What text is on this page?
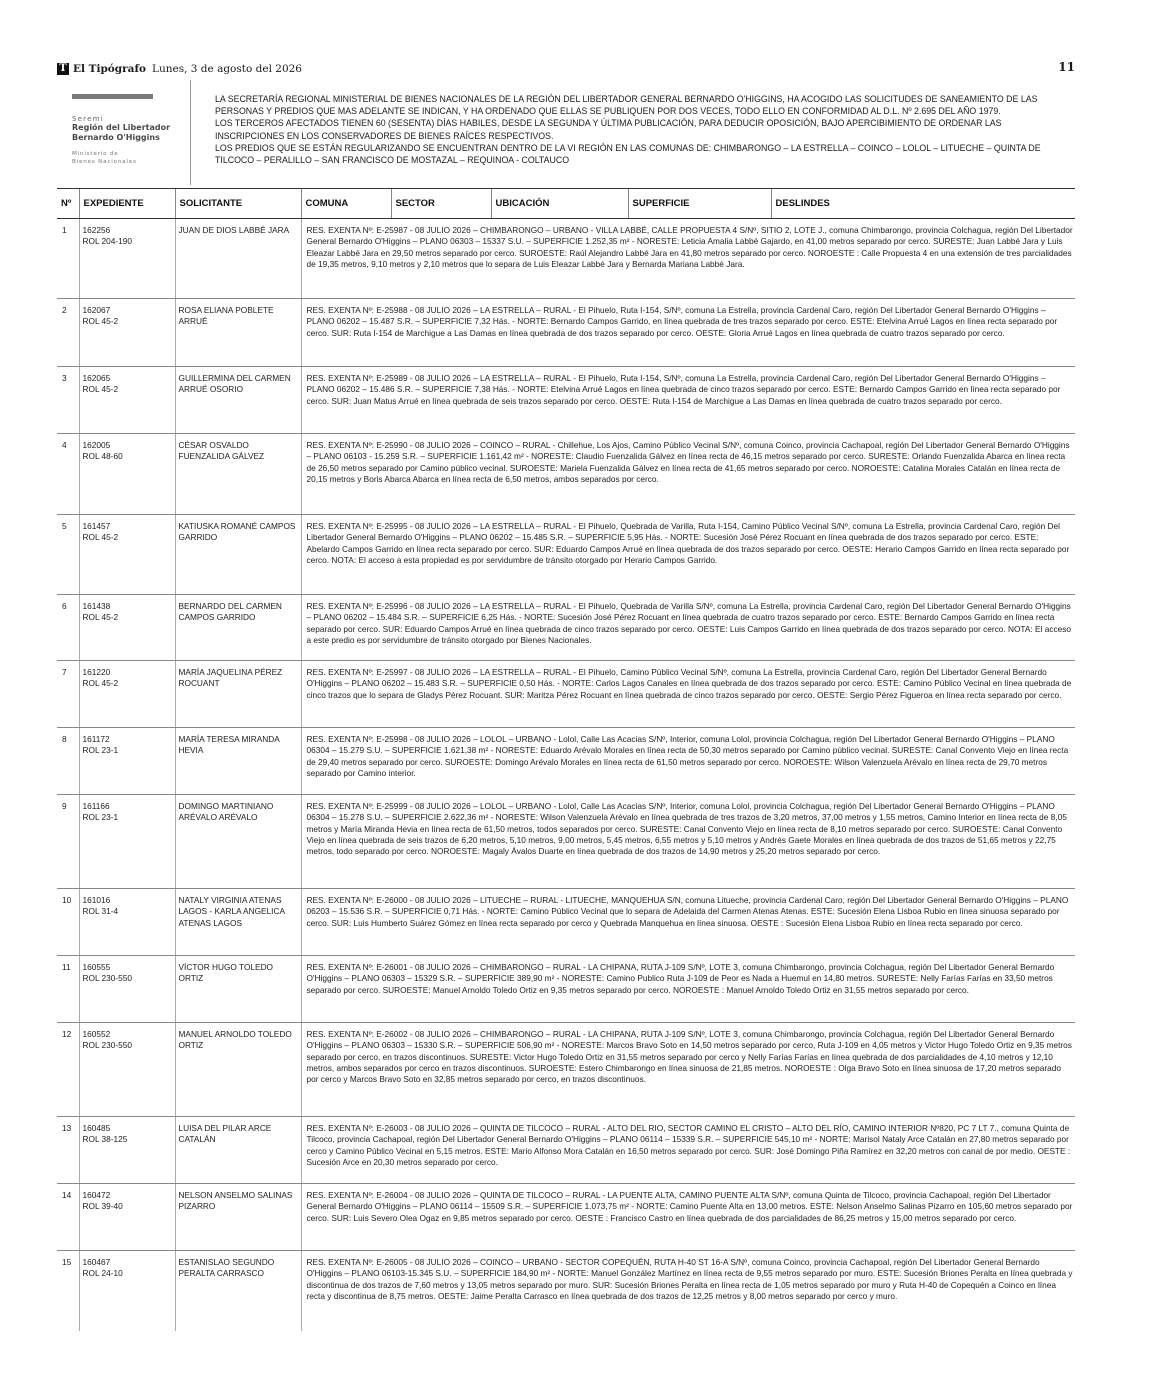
T El Tipógrafo Lunes, 3 de agosto del 2026	11
Seremi
Región del Libertador
Bernardo O'Higgins
Ministerio de
Bienes Nacionales

LA SECRETARÍA REGIONAL MINISTERIAL DE BIENES NACIONALES DE LA REGIÓN DEL LIBERTADOR GENERAL BERNARDO O'HIGGINS, HA ACOGIDO LAS SOLICITUDES DE SANEAMIENTO DE LAS PERSONAS Y PREDIOS QUE MAS ADELANTE SE INDICAN, Y HA ORDENADO QUE ELLAS SE PUBLIQUEN POR DOS VECES, TODO ELLO EN CONFORMIDAD AL D.L. Nº 2.695 DEL AÑO 1979.

LOS TERCEROS AFECTADOS TIENEN 60 (SESENTA) DÍAS HABILES, DESDE LA SEGUNDA Y ÚLTIMA PUBLICACIÓN, PARA DEDUCIR OPOSICIÓN, BAJO APERCIBIMIENTO DE ORDENAR LAS INSCRIPCIONES EN LOS CONSERVADORES DE BIENES RAÍCES RESPECTIVOS.

LOS PREDIOS QUE SE ESTÁN REGULARIZANDO SE ENCUENTRAN DENTRO DE LA VI REGIÓN EN LAS COMUNAS DE: CHIMBARONGO – LA ESTRELLA – COINCO – LOLOL – LITUECHE – QUINTA DE TILCOCO – PERALILLO – SAN FRANCISCO DE MOSTAZAL – REQUINOA - COLTAUCO

Nº	EXPEDIENTE	SOLICITANTE	COMUNA	SECTOR	UBICACIÓN	SUPERFICIE	DESLINDES
1	162256
ROL 204-190	JUAN DE DIOS LABBÉ JARA	RES. EXENTA Nº: E-25987 - 08 JULIO 2026 – CHIMBARONGO – URBANO - VILLA LABBÉ, CALLE PROPUESTA 4 S/Nº, SITIO 2, LOTE J., comuna Chimbarongo, provincia Colchagua, región Del Libertador General Bernardo O'Higgins – PLANO 06303 – 15337 S.U. – SUPERFICIE 1.252,35 m² - NORESTE: Leticia Amalia Labbé Gajardo, en 41,00 metros separado por cerco. SURESTE: Juan Labbé Jara y Luis Eleazar Labbé Jara en 29,50 metros separado por cerco. SUROESTE: Raúl Alejandro Labbé Jara en 41,80 metros separado por cerco. NOROESTE : Calle Propuesta 4 en una extensión de tres parcialidades de 19,35 metros, 9,10 metros y 2,10 metros que lo separa de Luis Eleazar Labbé Jara y Bernarda Mariana Labbé Jara.				
2	162067
ROL 45-2	ROSA ELIANA POBLETE ARRUÉ	RES. EXENTA Nº: E-25988 - 08 JULIO 2026 – LA ESTRELLA – RURAL - El Pihuelo, Ruta I-154, S/Nº, comuna La Estrella, provincia Cardenal Caro, región Del Libertador General Bernardo O'Higgins – PLANO 06202 – 15.487 S.R. – SUPERFICIE 7,32 Hás. - NORTE: Bernardo Campos Garrido, en línea quebrada de tres trazos separado por cerco. ESTE: Etelvina Arrué Lagos en línea recta separado por cerco. SUR: Ruta I-154 de Marchigue a Las Damas en línea quebrada de dos trazos separado por cerco. OESTE: Gloria Arrué Lagos en línea quebrada de cuatro trazos separado por cerco.				
3	162065
ROL 45-2	GUILLERMINA DEL CARMEN ARRUÉ OSORIO	RES. EXENTA Nº: E-25989 - 08 JULIO 2026 – LA ESTRELLA – RURAL - El Pihuelo, Ruta I-154, S/Nº, comuna La Estrella, provincia Cardenal Caro, región Del Libertador General Bernardo O'Higgins – PLANO 06202 – 15.486 S.R. – SUPERFICIE 7,38 Hás. - NORTE: Etelvina Arrué Lagos en línea quebrada de cinco trazos separado por cerco. ESTE: Bernardo Campos Garrido en línea recta separado por cerco. SUR: Juan Matus Arrué en línea quebrada de seis trazos separado por cerco. OESTE: Ruta I-154 de Marchigue a Las Damas en línea quebrada de cuatro trazos separado por cerco.				
4	162005
ROL 48-60	CÉSAR OSVALDO FUENZALIDA GÁLVEZ	RES. EXENTA Nº: E-25990 - 08 JULIO 2026 – COINCO – RURAL - Chillehue, Los Ajos, Camino Público Vecinal S/Nº, comuna Coinco, provincia Cachapoal, región Del Libertador General Bernardo O'Higgins – PLANO 06103 - 15.259 S.R. – SUPERFICIE 1.161,42 m² - NORESTE: Claudio Fuenzalida Gálvez en línea recta de 46,15 metros separado por cerco. SURESTE: Orlando Fuenzalida Abarca en línea recta de 26,50 metros separado por Camino público vecinal. SUROESTE: Mariela Fuenzalida Gálvez en línea recta de 41,65 metros separado por cerco. NOROESTE: Catalina Morales Catalán en línea recta de 20,15 metros y Boris Abarca Abarca en línea recta de 6,50 metros, ambos separados por cerco.				
5	161457
ROL 45-2	KATIUSKA ROMANÉ CAMPOS GARRIDO	RES. EXENTA Nº: E-25995 - 08 JULIO 2026 – LA ESTRELLA – RURAL - El Pihuelo, Quebrada de Varilla, Ruta I-154, Camino Público Vecinal S/Nº, comuna La Estrella, provincia Cardenal Caro, región Del Libertador General Bernardo O'Higgins – PLANO 06202 – 15.485 S.R. – SUPERFICIE 5,95 Hás. - NORTE: Sucesión José Pérez Rocuant en línea quebrada de dos trazos separado por cerco. ESTE: Abelardo Campos Garrido en línea recta separado por cerco. SUR: Eduardo Campos Arrué en línea quebrada de dos trazos separado por cerco. OESTE: Herario Campos Garrido en línea recta separado por cerco. NOTA: El acceso a esta propiedad es por servidumbre de tránsito otorgado por Herario Campos Garrido.				
6	161438
ROL 45-2	BERNARDO DEL CARMEN CAMPOS GARRIDO	RES. EXENTA Nº: E-25996 - 08 JULIO 2026 – LA ESTRELLA – RURAL - El Pihuelo, Quebrada de Varilla S/Nº, comuna La Estrella, provincia Cardenal Caro, región Del Libertador General Bernardo O'Higgins – PLANO 06202 – 15.484 S.R. – SUPERFICIE 6,25 Hás. - NORTE: Sucesión José Pérez Rocuant en línea quebrada de cuatro trazos separado por cerco. ESTE: Bernardo Campos Garrido en línea recta separado por cerco. SUR: Eduardo Campos Arrué en línea quebrada de cinco trazos separado por cerco. OESTE: Luis Campos Garrido en línea quebrada de dos trazos separado por cerco. NOTA: El acceso a este predio es por servidumbre de tránsito otorgado por Bienes Nacionales.				
7	161220
ROL 45-2	MARÍA JAQUELINA PÉREZ ROCUANT	RES. EXENTA Nº: E-25997 - 08 JULIO 2026 – LA ESTRELLA – RURAL - El Pihuelo, Camino Público Vecinal S/Nº, comuna La Estrella, provincia Cardenal Caro, región Del Libertador General Bernardo O'Higgins – PLANO 06202 – 15.483 S.R. – SUPERFICIE 0,50 Hás. - NORTE: Carlos Lagos Canales en línea quebrada de dos trazos separado por cerco. ESTE: Camino Público Vecinal en línea quebrada de cinco trazos que lo separa de Gladys Pérez Rocuant. SUR: Maritza Pérez Rocuant en línea quebrada de cinco trazos separado por cerco. OESTE: Sergio Pérez Figueroa en línea recta separado por cerco.				
8	161172
ROL 23-1	MARÍA TERESA MIRANDA HEVIA	RES. EXENTA Nº: E-25998 - 08 JULIO 2026 – LOLOL – URBANO - Lolol, Calle Las Acacias S/Nº, Interior, comuna Lolol, provincia Colchagua, región Del Libertador General Bernardo O'Higgins – PLANO 06304 – 15.279 S.U. – SUPERFICIE 1.621,38 m² - NORESTE: Eduardo Arévalo Morales en línea recta de 50,30 metros separado por Camino público vecinal. SURESTE: Canal Convento Viejo en línea recta de 29,40 metros separado por cerco. SUROESTE: Domingo Arévalo Morales en línea recta de 61,50 metros separado por cerco. NOROESTE: Wilson Valenzuela Arévalo en línea recta de 29,70 metros separado por Camino interior.				
9	161166
ROL 23-1	DOMINGO MARTINIANO ARÉVALO ARÉVALO	RES. EXENTA Nº: E-25999 - 08 JULIO 2026 – LOLOL – URBANO - Lolol, Calle Las Acacias S/Nº, Interior, comuna Lolol, provincia Colchagua, región Del Libertador General Bernardo O'Higgins – PLANO 06304 – 15.278 S.U. – SUPERFICIE 2.622,36 m² - NORESTE: Wilson Valenzuela Arévalo en línea quebrada de tres trazos de 3,20 metros, 37,00 metros y 1,55 metros, Camino Interior en línea recta de 8,05 metros y María Miranda Hevia en línea recta de 61,50 metros, todos separados por cerco. SURESTE: Canal Convento Viejo en línea recta de 8,10 metros separado por cerco. SUROESTE: Canal Convento Viejo en línea quebrada de seis trazos de 6,20 metros, 5,10 metros, 9,00 metros, 5,45 metros, 6,55 metros y 5,10 metros y Andrés Gaete Morales en línea quebrada de dos trazos de 51,65 metros y 22,75 metros, todo separado por cerco. NOROESTE: Magaly Ávalos Duarte en línea quebrada de dos trazos de 14,90 metros y 25,20 metros separado por cerco.				
10	161016
ROL 31-4	NATALY VIRGINIA ATENAS LAGOS - KARLA ANGELICA ATENAS LAGOS	RES. EXENTA Nº: E-26000 - 08 JULIO 2026 – LITUECHE – RURAL - LITUECHE, MANQUEHUA S/N, comuna Litueche, provincia Cardenal Caro, región Del Libertador General Bernardo O'Higgins – PLANO 06203 – 15.536 S.R. – SUPERFICIE 0,71 Hás. - NORTE: Camino Público Vecinal que lo separa de Adelaida del Carmen Atenas Atenas. ESTE: Sucesión Elena Lisboa Rubio en línea sinuosa separado por cerco. SUR: Luis Humberto Suárez Gómez en línea recta separado por cerco y Quebrada Manquehua en línea sinuosa. OESTE : Sucesión Elena Lisboa Rubio en línea recta separado por cerco.				
11	160555
ROL 230-550	VÍCTOR HUGO TOLEDO ORTIZ	RES. EXENTA Nº: E-26001 - 08 JULIO 2026 – CHIMBARONGO – RURAL - LA CHIPANA, RUTA J-109 S/Nº, LOTE 3, comuna Chimbarongo, provincia Colchagua, región Del Libertador General Bernardo O'Higgins – PLANO 06303 – 15329 S.R. – SUPERFICIE 389,90 m² - NORESTE: Camino Publico Ruta J-109 de Peor es Nada a Huemul en 14,80 metros. SURESTE: Nelly Farías Farías en 33,50 metros separado por cerco. SUROESTE: Manuel Arnoldo Toledo Ortiz en 9,35 metros separado por cerco. NOROESTE : Manuel Arnoldo Toledo Ortiz en 31,55 metros separado por cerco.				
12	160552
ROL 230-550	MANUEL ARNOLDO TOLEDO ORTIZ	RES. EXENTA Nº: E-26002 - 08 JULIO 2026 – CHIMBARONGO – RURAL - LA CHIPANA, RUTA J-109 S/Nº, LOTE 3, comuna Chimbarongo, provincia Colchagua, región Del Libertador General Bernardo O'Higgins – PLANO 06303 – 15330 S.R. – SUPERFICIE 506,90 m² - NORESTE: Marcos Bravo Soto en 14,50 metros separado por cerco, Ruta J-109 en 4,05 metros y Victor Hugo Toledo Ortiz en 9,35 metros separado por cerco, en trazos discontinuos. SURESTE: Victor Hugo Toledo Ortiz en 31,55 metros separado por cerco y Nelly Farías Farías en línea quebrada de dos parcialidades de 4,10 metros y 12,10 metros, ambos separados por cerco en trazos discontinuos. SUROESTE: Estero Chimbarongo en línea sinuosa de 21,85 metros. NOROESTE : Olga Bravo Soto en línea sinuosa de 17,20 metros separado por cerco y Marcos Bravo Soto en 32,85 metros separado por cerco, en trazos discontinuos.				
13	160485
ROL 38-125	LUISA DEL PILAR ARCE CATALÁN	RES. EXENTA Nº: E-26003 - 08 JULIO 2026 – QUINTA DE TILCOCO – RURAL - ALTO DEL RIO, SECTOR CAMINO EL CRISTO – ALTO DEL RÍO, CAMINO INTERIOR Nº820, PC 7 LT 7., comuna Quinta de Tilcoco, provincia Cachapoal, región Del Libertador General Bernardo O'Higgins – PLANO 06114 – 15339 S.R. – SUPERFICIE 545,10 m² - NORTE: Marisol Nataly Arce Catalán en 27,80 metros separado por cerco y Camino Público Vecinal en 5,15 metros. ESTE: Mario Alfonso Mora Catalán en 16,50 metros separado por cerco. SUR: José Domingo Piña Ramírez en 32,20 metros con canal de por medio. OESTE : Sucesión Arce en 20,30 metros separado por cerco.				
14	160472
ROL 39-40	NELSON ANSELMO SALINAS PIZARRO	RES. EXENTA Nº: E-26004 - 08 JULIO 2026 – QUINTA DE TILCOCO – RURAL - LA PUENTE ALTA, CAMINO PUENTE ALTA S/Nº, comuna Quinta de Tilcoco, provincia Cachapoal, región Del Libertador General Bernardo O'Higgins – PLANO 06114 – 15509 S.R. – SUPERFICIE 1.073,75 m² - NORTE: Camino Puente Alta en 13,00 metros. ESTE: Nelson Anselmo Salinas Pizarro en 105,60 metros separado por cerco. SUR: Luis Severo Olea Ogaz en 9,85 metros separado por cerco. OESTE : Francisco Castro en línea quebrada de dos parcialidades de 86,25 metros y 15,00 metros separado por cerco.				
15	160467
ROL 24-10	ESTANISLAO SEGUNDO PERALTA CARRASCO	RES. EXENTA Nº: E-26005 - 08 JULIO 2026 – COINCO – URBANO - SECTOR COPEQUÉN, RUTA H-40 ST 16-A S/Nº, comuna Coinco, provincia Cachapoal, región Del Libertador General Bernardo O'Higgins – PLANO 06103-15.345 S.U. – SUPERFICIE 184,90 m² - NORTE: Manuel González Martínez en línea recta de 9,55 metros separado por muro. ESTE: Sucesión Briones Peralta en línea quebrada y discontinua de dos trazos de 7,60 metros y 13,05 metros separado por muro. SUR: Sucesión Briones Peralta en línea recta de 1,05 metros separado por muro y Ruta H-40 de Copequén a Coinco en línea recta y discontinua de 8,75 metros. OESTE: Jaime Peralta Carrasco en línea quebrada de dos trazos de 12,25 metros y 8,00 metros separado por cerco y muro.				
